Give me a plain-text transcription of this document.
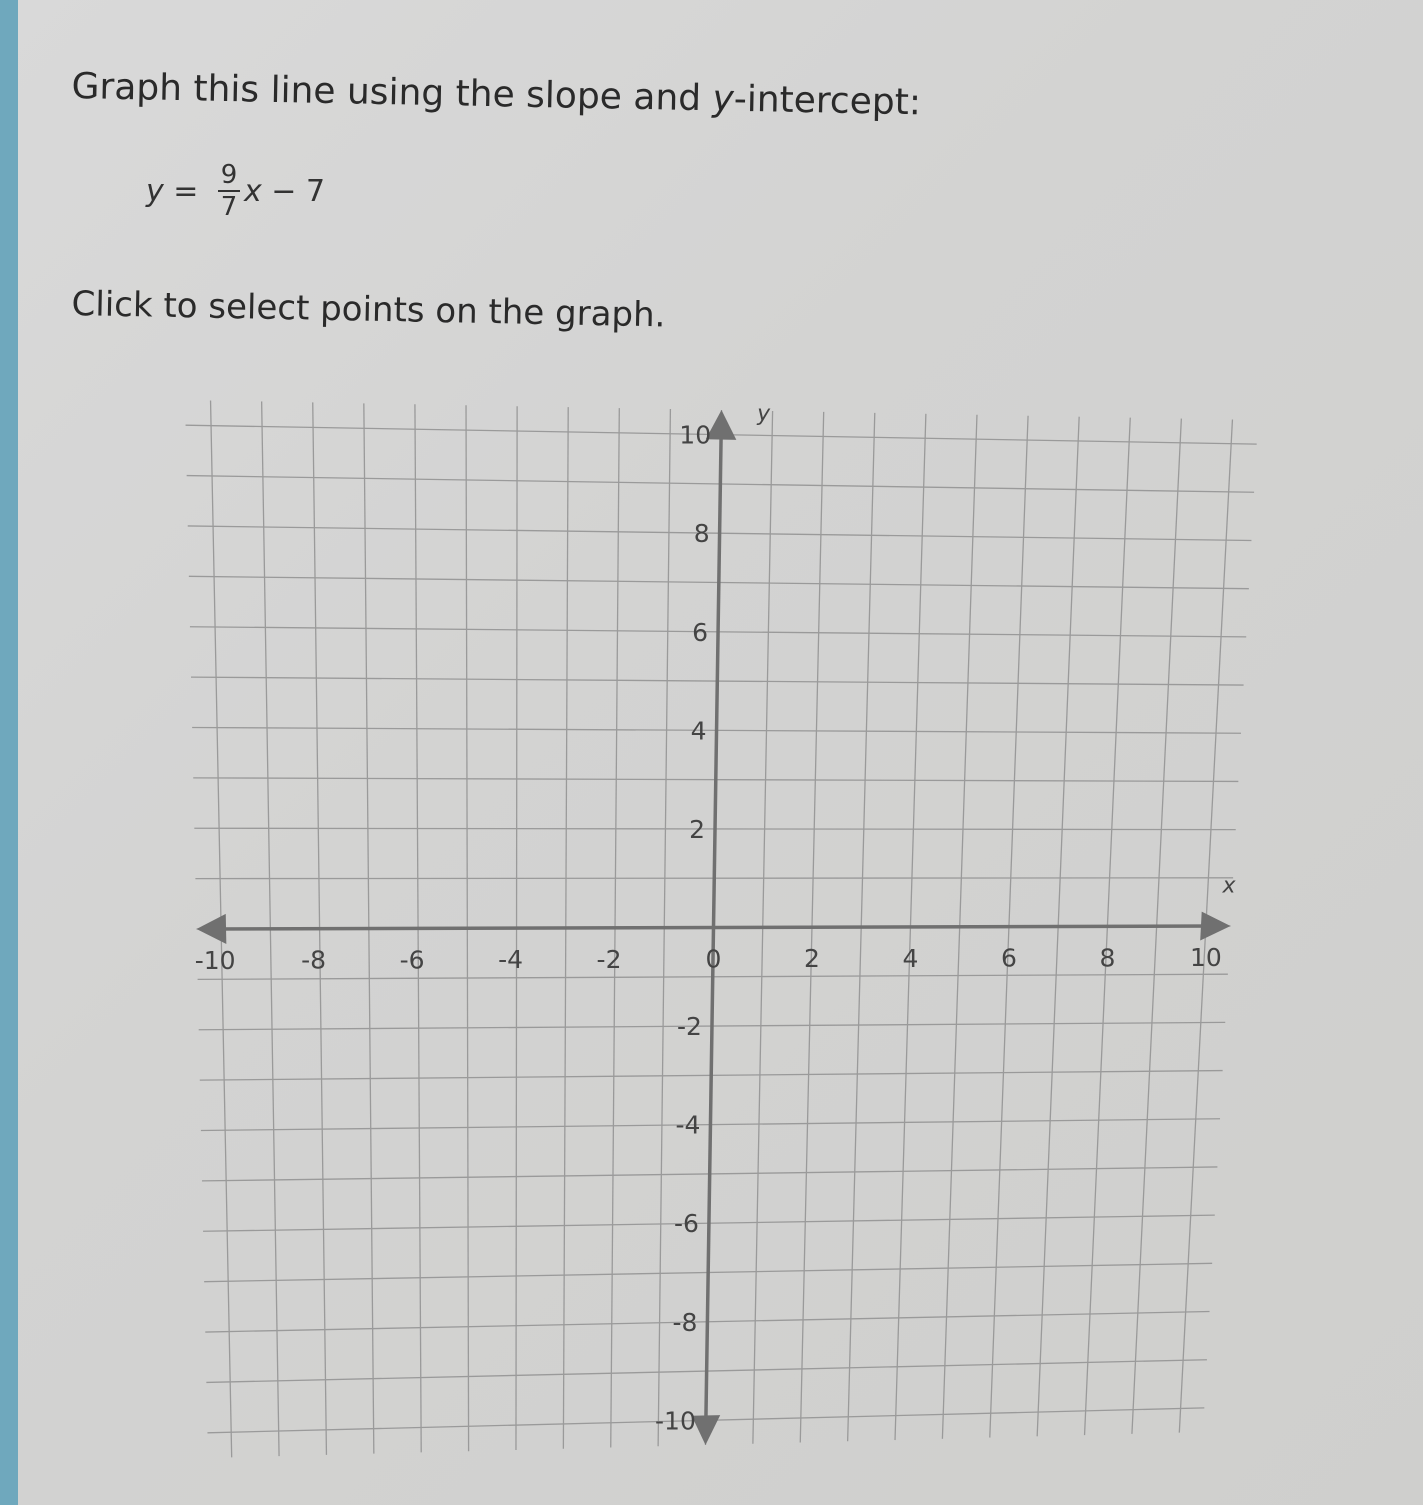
Graph this line using the slope and y-intercept:
$y = \frac{9}{7}$ x − 7
Click to select points on the graph.
-10	-8	-6	-4	-2	0	2	4	6	8	10
10
8
6
4
2
-2
-4
-6
-8
-10
x
y
